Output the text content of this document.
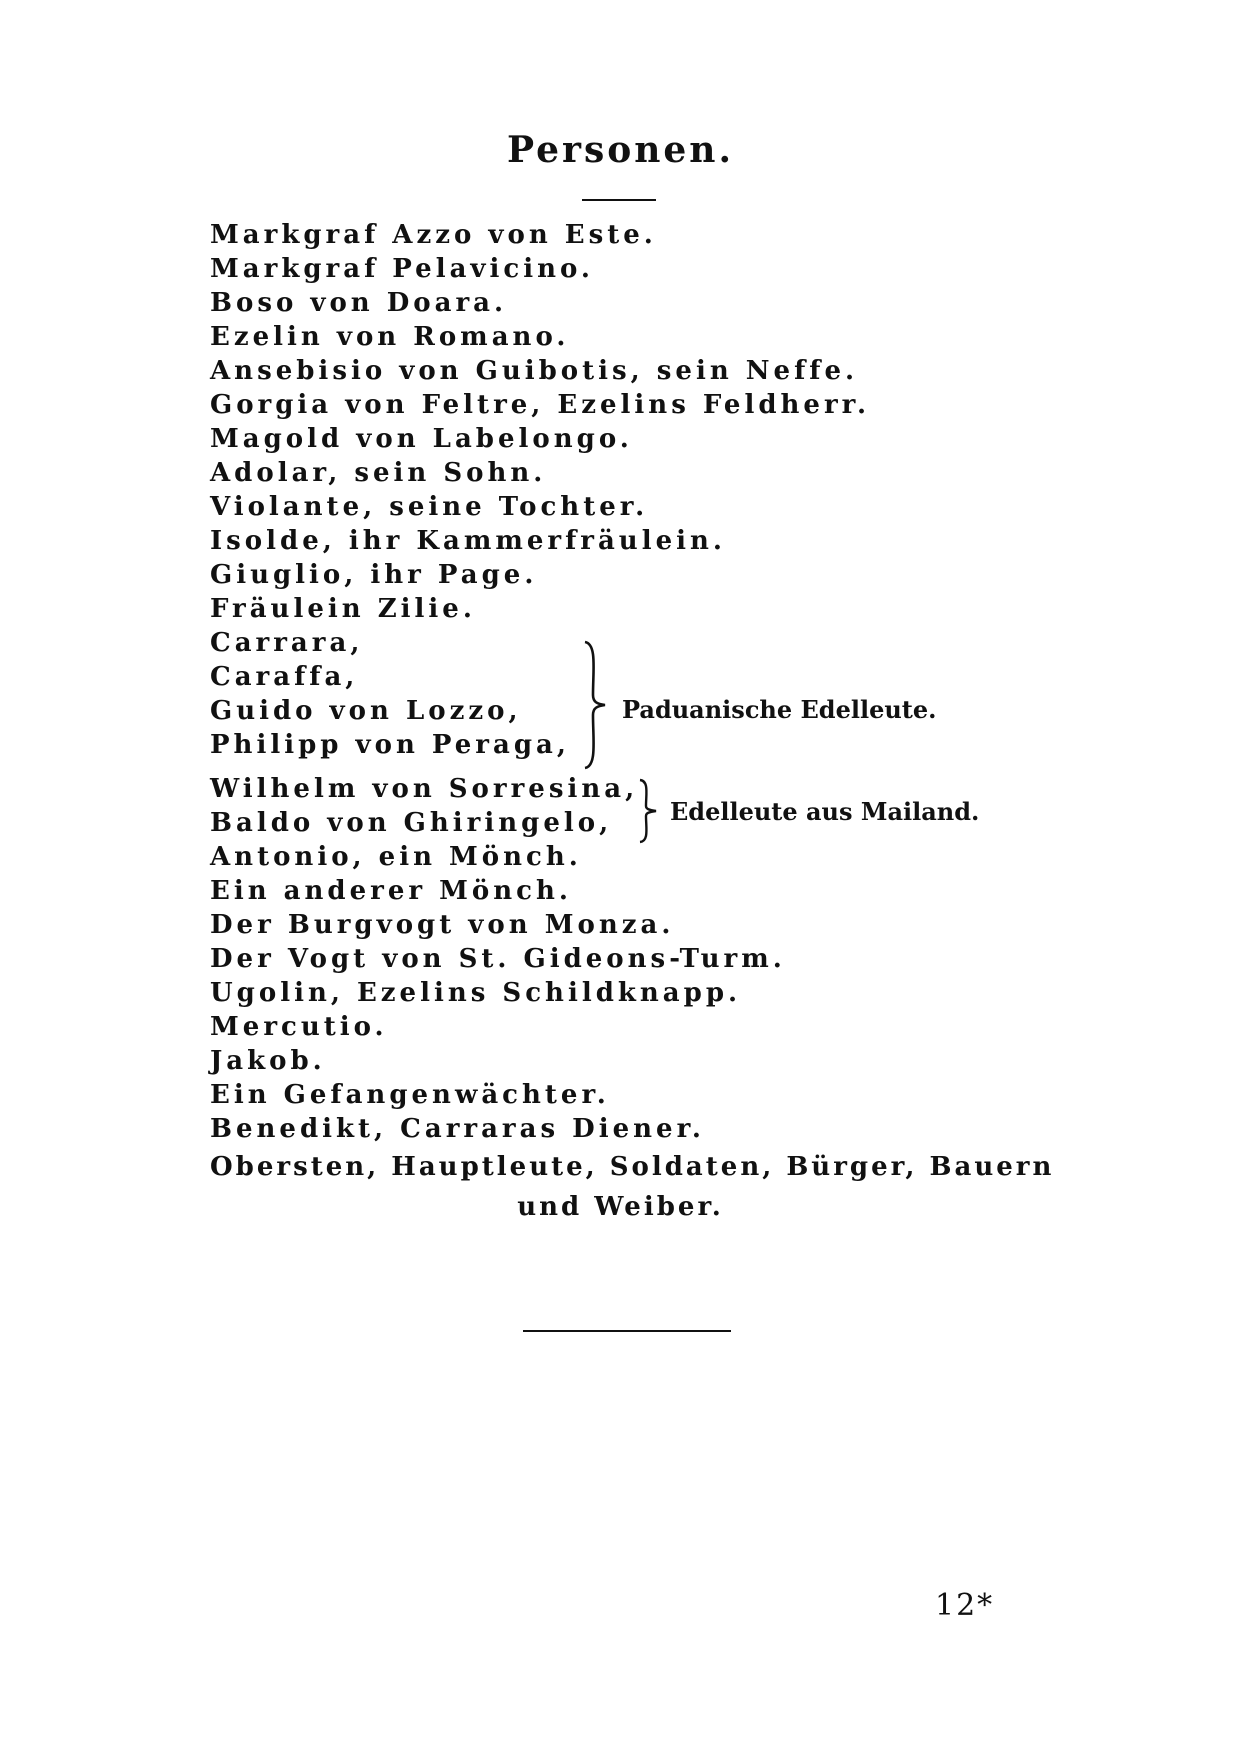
Personen.
Markgraf Azzo von Este.
Markgraf Pelavicino.
Boso von Doara.
Ezelin von Romano.
Ansebisio von Guibotis, sein Neffe.
Gorgia von Feltre, Ezelins Feldherr.
Magold von Labelongo.
Adolar, sein Sohn.
Violante, seine Tochter.
Isolde, ihr Kammerfräulein.
Giuglio, ihr Page.
Fräulein Zilie.
Carrara,
Caraffa,
Guido von Lozzo,
Philipp von Peraga,
Paduanische Edelleute.
Wilhelm von Sorresina,
Baldo von Ghiringelo, Edelleute aus Mailand.
Antonio, ein Mönch.
Ein anderer Mönch.
Der Burgvogt von Monza.
Der Vogt von St. Gideons-Turm.
Ugolin, Ezelins Schildknapp.
Mercutio.
Jakob.
Ein Gefangenwächter.
Benedikt, Carraras Diener.
Obersten, Hauptleute, Soldaten, Bürger, Bauern
und Weiber.
12*
